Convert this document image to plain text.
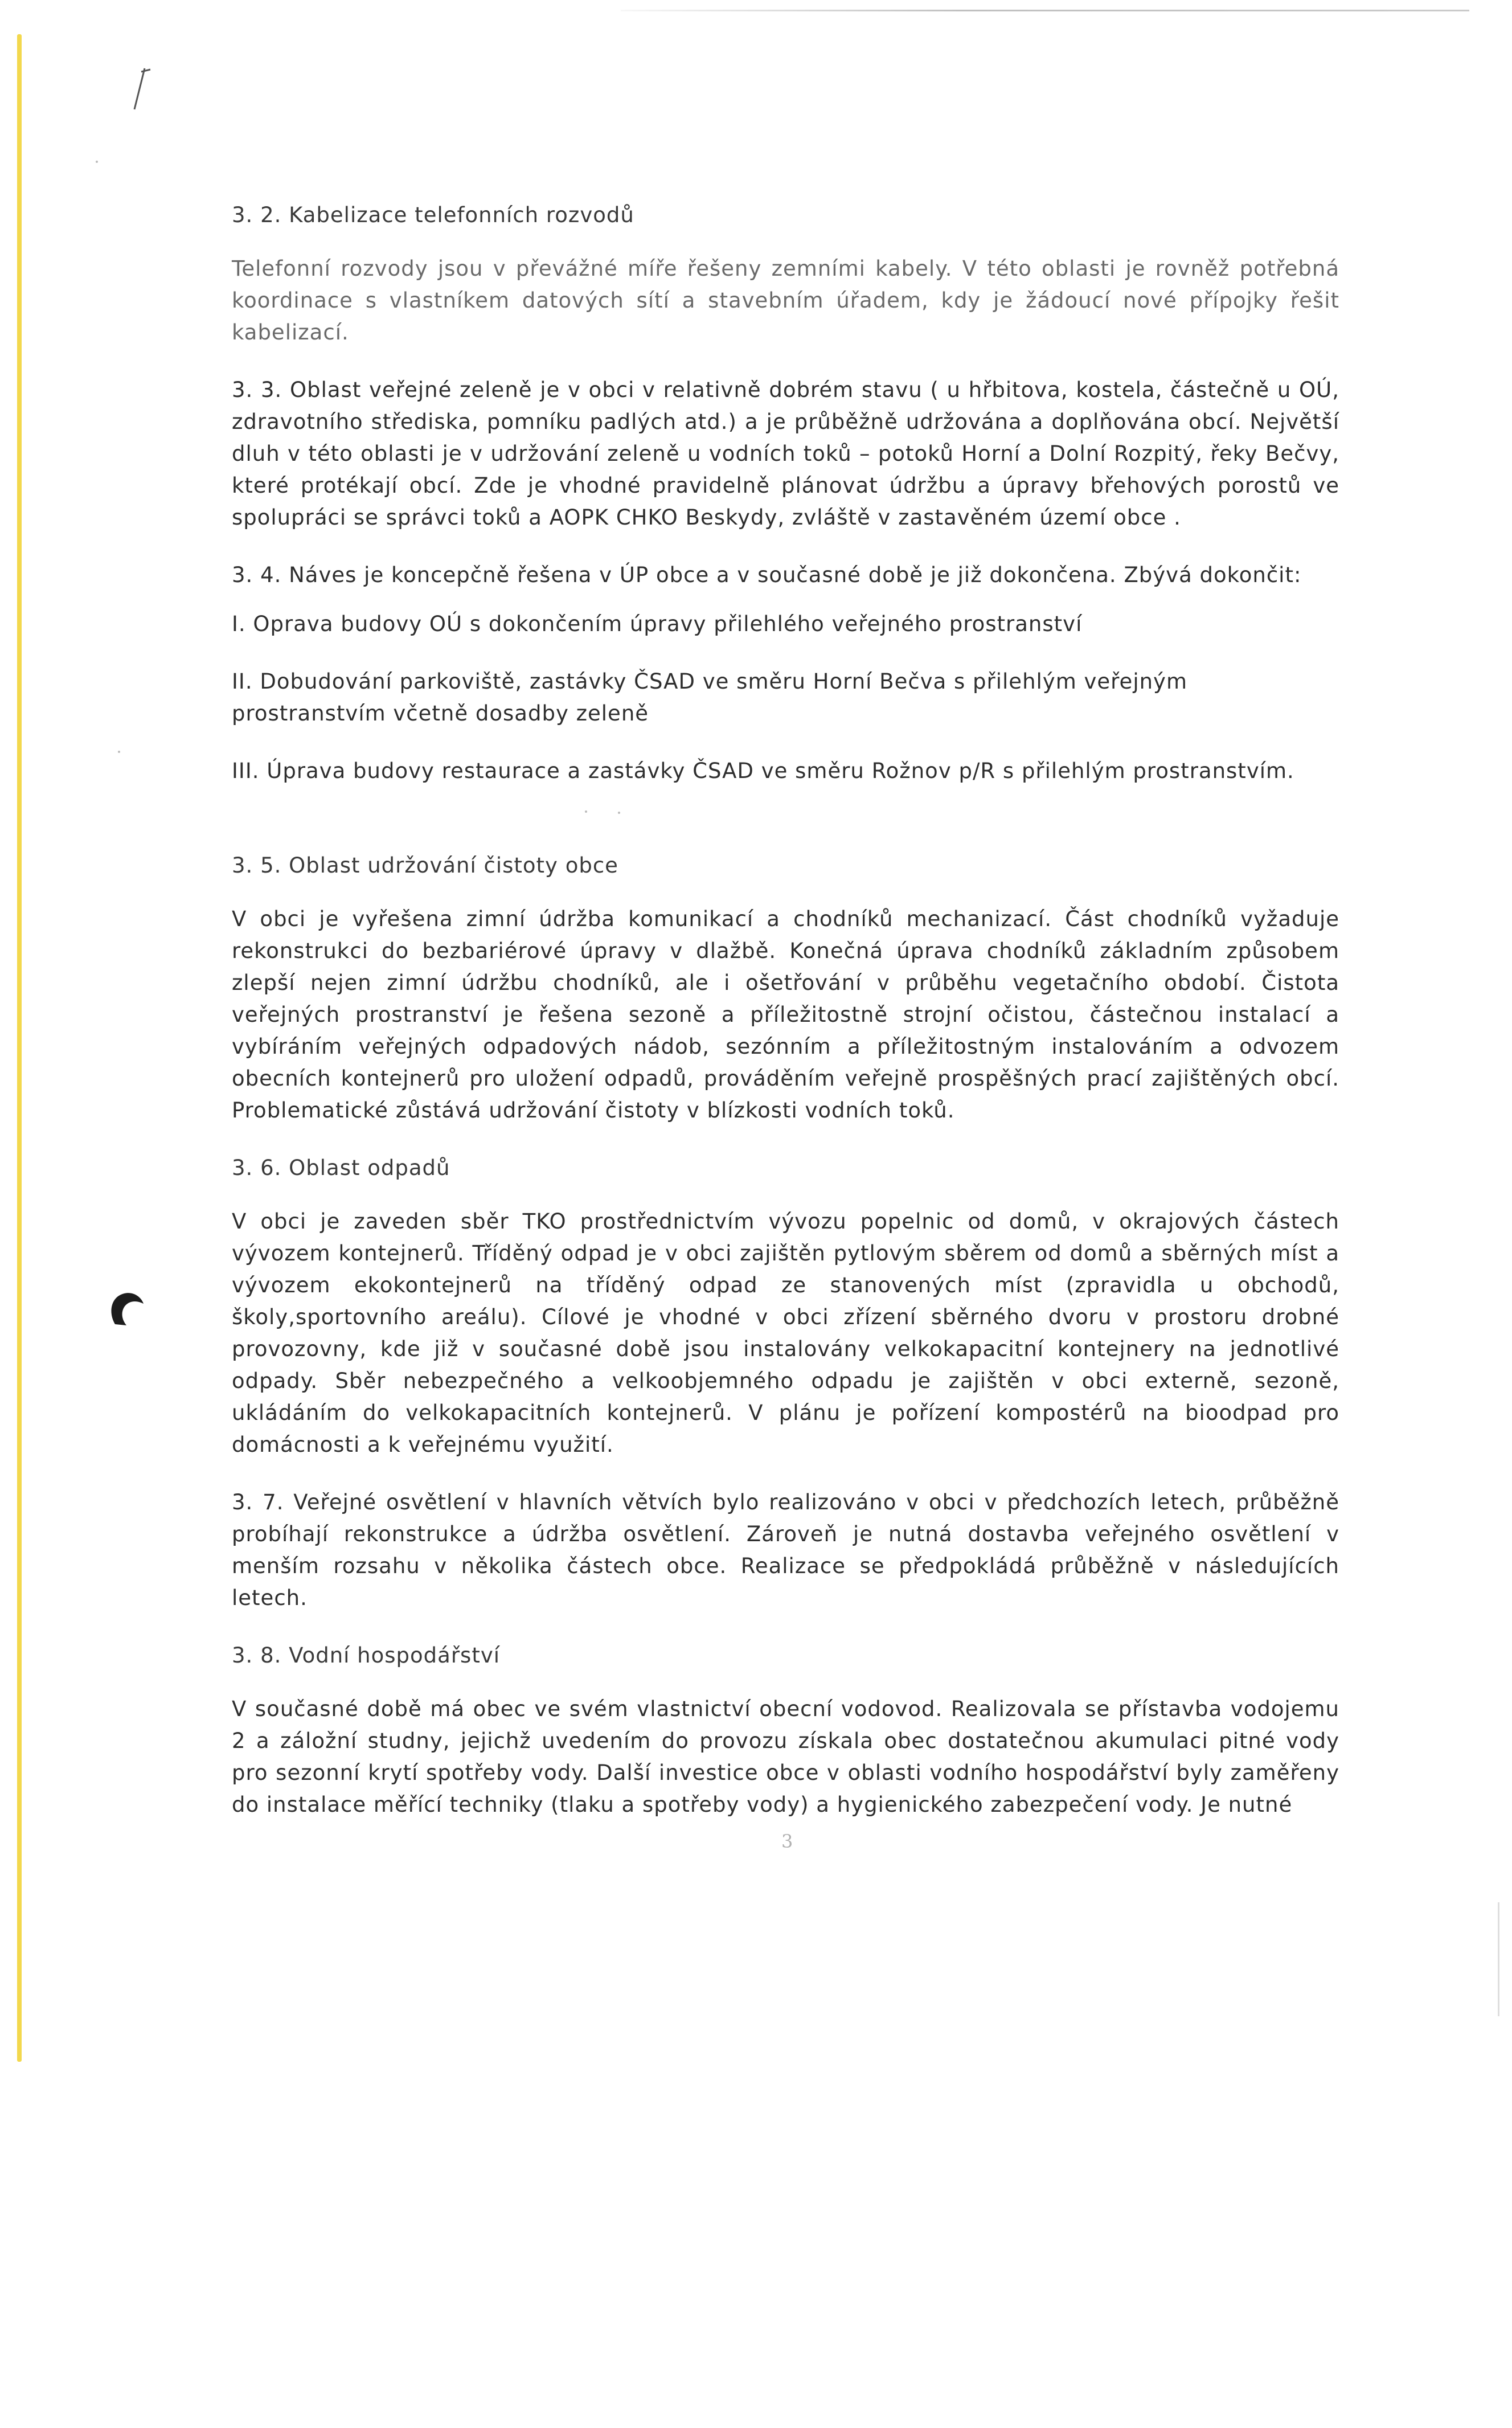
3. 2. Kabelizace telefonních rozvodů

Telefonní rozvody jsou v převážné míře řešeny zemními kabely. V této oblasti je rovněž potřebná koordinace s vlastníkem datových sítí a stavebním úřadem, kdy je žádoucí nové přípojky řešit kabelizací.

3. 3. Oblast veřejné zeleně je v obci v relativně dobrém stavu ( u hřbitova, kostela, částečně u OÚ, zdravotního střediska, pomníku padlých atd.) a je průběžně udržována a doplňována obcí. Největší dluh v této oblasti je v udržování zeleně u vodních toků – potoků Horní a Dolní Rozpitý, řeky Bečvy, které protékají obcí. Zde je vhodné pravidelně plánovat údržbu a úpravy břehových porostů ve spolupráci se správci toků a AOPK CHKO Beskydy, zvláště v zastavěném území obce .

3. 4. Náves je koncepčně řešena v ÚP obce a v současné době je již dokončena. Zbývá dokončit:

I. Oprava budovy OÚ s dokončením úpravy přilehlého veřejného prostranství
II. Dobudování parkoviště, zastávky ČSAD ve směru Horní Bečva s přilehlým veřejným prostranstvím včetně dosadby zeleně
III. Úprava budovy restaurace a zastávky ČSAD ve směru Rožnov p/R s přilehlým prostranstvím.
3. 5. Oblast udržování čistoty obce

V obci je vyřešena zimní údržba komunikací a chodníků mechanizací. Část chodníků vyžaduje rekonstrukci do bezbariérové úpravy v dlažbě. Konečná úprava chodníků základním způsobem zlepší nejen zimní údržbu chodníků, ale i ošetřování v průběhu vegetačního období. Čistota veřejných prostranství je řešena sezoně a příležitostně strojní očistou, částečnou instalací a vybíráním veřejných odpadových nádob, sezónním a příležitostným instalováním a odvozem obecních kontejnerů pro uložení odpadů, prováděním veřejně prospěšných prací zajištěných obcí. Problematické zůstává udržování čistoty v blízkosti vodních toků.

3. 6. Oblast odpadů

V obci je zaveden sběr TKO prostřednictvím vývozu popelnic od domů, v okrajových částech vývozem kontejnerů. Tříděný odpad je v obci zajištěn pytlovým sběrem od domů a sběrných míst a vývozem ekokontejnerů na tříděný odpad ze stanovených míst (zpravidla u obchodů, školy,sportovního areálu). Cílové je vhodné v obci zřízení sběrného dvoru v prostoru drobné provozovny, kde již v současné době jsou instalovány velkokapacitní kontejnery na jednotlivé odpady. Sběr nebezpečného a velkoobjemného odpadu je zajištěn v obci externě, sezoně, ukládáním do velkokapacitních kontejnerů. V plánu je pořízení kompostérů na bioodpad pro domácnosti a k veřejnému využití.

3. 7. Veřejné osvětlení v hlavních větvích bylo realizováno v obci v předchozích letech, průběžně probíhají rekonstrukce a údržba osvětlení. Zároveň je nutná dostavba veřejného osvětlení v menším rozsahu v několika částech obce. Realizace se předpokládá průběžně v následujících letech.

3. 8. Vodní hospodářství

V současné době má obec ve svém vlastnictví obecní vodovod. Realizovala se přístavba vodojemu 2 a záložní studny, jejichž uvedením do provozu získala obec dostatečnou akumulaci pitné vody pro sezonní krytí spotřeby vody. Další investice obce v oblasti vodního hospodářství byly zaměřeny do instalace měřící techniky (tlaku a spotřeby vody) a hygienického zabezpečení vody. Je nutné

3
